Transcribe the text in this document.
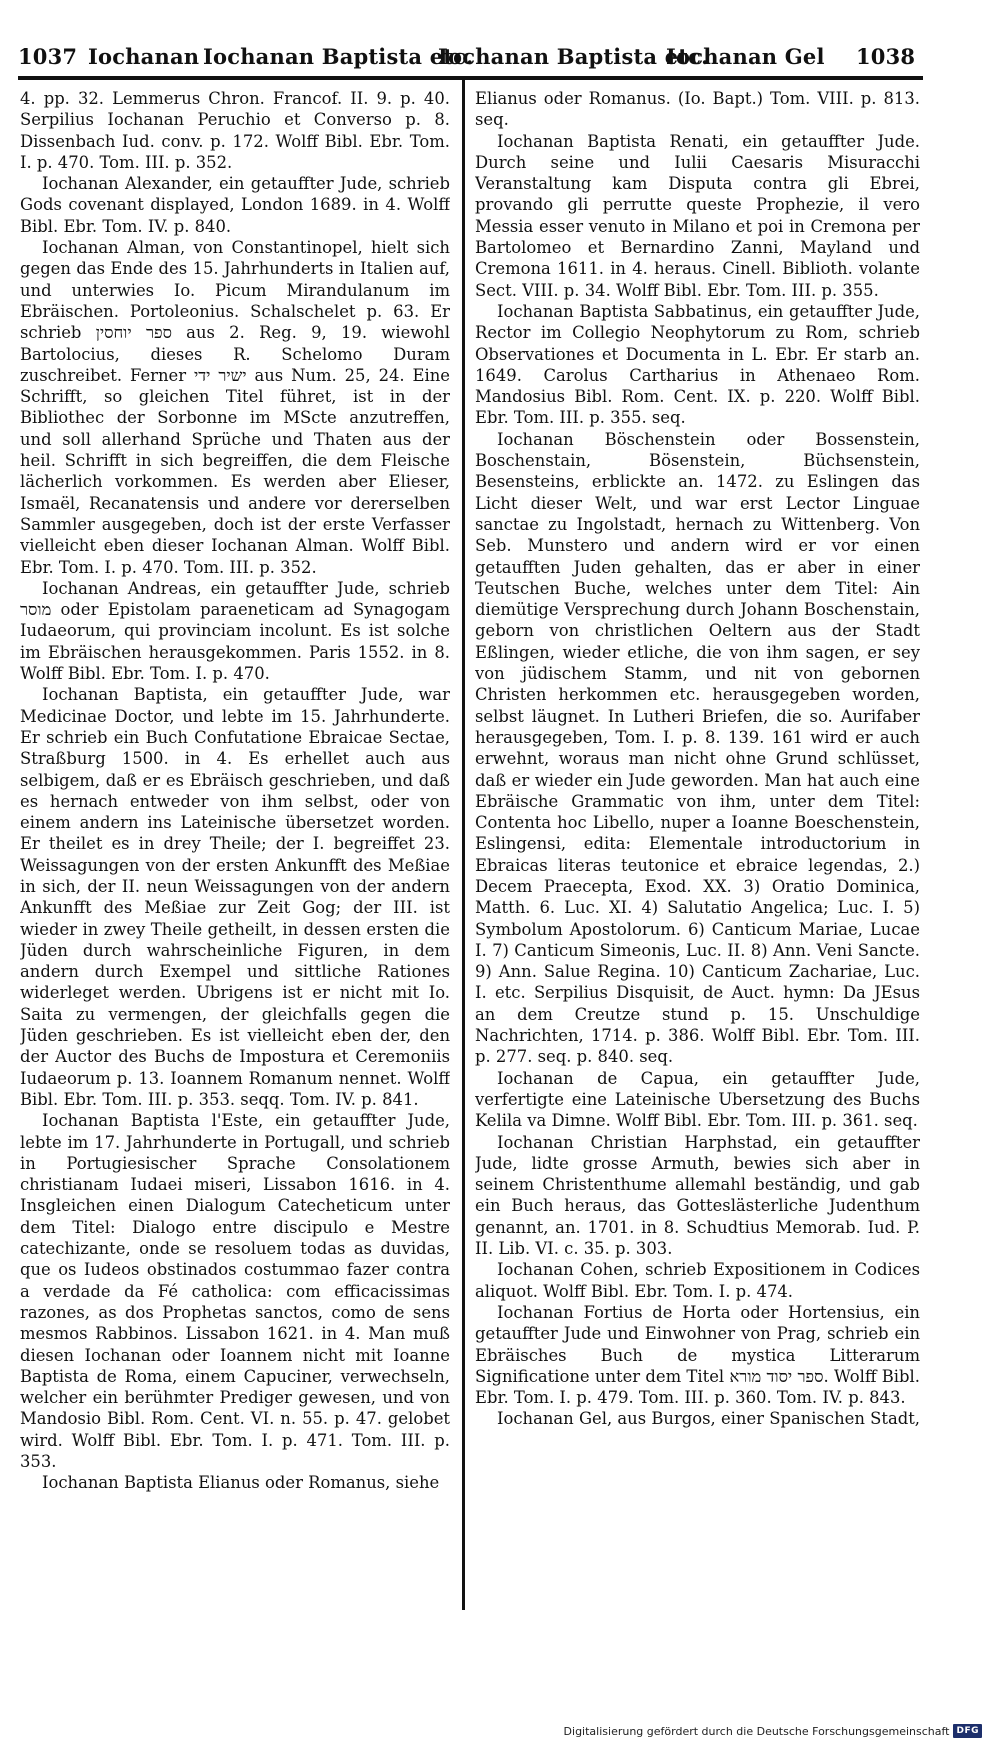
1037 Iochanan Iochanan Baptista etc.
Iochanan Baptista etc.
Iochanan Gel 1038

4. pp. 32. Lemmerus Chron. Francof. II. 9. p. 40. Serpilius Iochanan Peruchio et Converso p. 8. Dissenbach Iud. conv. p. 172. Wolff Bibl. Ebr. Tom. I. p. 470. Tom. III. p. 352.

Iochanan Alexander, ein getauffter Jude, schrieb Gods covenant displayed, London 1689. in 4. Wolff Bibl. Ebr. Tom. IV. p. 840.

Iochanan Alman, von Constantinopel, hielt sich gegen das Ende des 15. Jahrhunderts in Italien auf, und unterwies Io. Picum Mirandulanum im Ebräischen. Portoleonius. Schalschelet p. 63. Er schrieb ספר יוחסין aus 2. Reg. 9, 19. wiewohl Bartolocius, dieses R. Schelomo Duram zuschreibet. Ferner ישיר ידי aus Num. 25, 24. Eine Schrifft, so gleichen Titel führet, ist in der Bibliothec der Sorbonne im MScte anzutreffen, und soll allerhand Sprüche und Thaten aus der heil. Schrifft in sich begreiffen, die dem Fleische lächerlich vorkommen. Es werden aber Elieser, Ismaël, Recanatensis und andere vor dererselben Sammler ausgegeben, doch ist der erste Verfasser vielleicht eben dieser Iochanan Alman. Wolff Bibl. Ebr. Tom. I. p. 470. Tom. III. p. 352.

Iochanan Andreas, ein getauffter Jude, schrieb מוסר oder Epistolam paraeneticam ad Synagogam Iudaeorum, qui provinciam incolunt. Es ist solche im Ebräischen herausgekommen. Paris 1552. in 8. Wolff Bibl. Ebr. Tom. I. p. 470.

Iochanan Baptista, ein getauffter Jude, war Medicinae Doctor, und lebte im 15. Jahrhunderte. Er schrieb ein Buch Confutatione Ebraicae Sectae, Straßburg 1500. in 4. Es erhellet auch aus selbigem, daß er es Ebräisch geschrieben, und daß es hernach entweder von ihm selbst, oder von einem andern ins Lateinische übersetzet worden. Er theilet es in drey Theile; der I. begreiffet 23. Weissagungen von der ersten Ankunfft des Meßiae in sich, der II. neun Weissagungen von der andern Ankunfft des Meßiae zur Zeit Gog; der III. ist wieder in zwey Theile getheilt, in dessen ersten die Jüden durch wahrscheinliche Figuren, in dem andern durch Exempel und sittliche Rationes widerleget werden. Ubrigens ist er nicht mit Io. Saita zu vermengen, der gleichfalls gegen die Jüden geschrieben. Es ist vielleicht eben der, den der Auctor des Buchs de Impostura et Ceremoniis Iudaeorum p. 13. Ioannem Romanum nennet. Wolff Bibl. Ebr. Tom. III. p. 353. seqq. Tom. IV. p. 841.

Iochanan Baptista l'Este, ein getauffter Jude, lebte im 17. Jahrhunderte in Portugall, und schrieb in Portugiesischer Sprache Consolationem christianam Iudaei miseri, Lissabon 1616. in 4. Insgleichen einen Dialogum Catecheticum unter dem Titel: Dialogo entre discipulo e Mestre catechizante, onde se resoluem todas as duvidas, que os Iudeos obstinados costummao fazer contra a verdade da Fé catholica: com efficacissimas razones, as dos Prophetas sanctos, como de sens mesmos Rabbinos. Lissabon 1621. in 4. Man muß diesen Iochanan oder Ioannem nicht mit Ioanne Baptista de Roma, einem Capuciner, verwechseln, welcher ein berühmter Prediger gewesen, und von Mandosio Bibl. Rom. Cent. VI. n. 55. p. 47. gelobet wird. Wolff Bibl. Ebr. Tom. I. p. 471. Tom. III. p. 353.

Iochanan Baptista Elianus oder Romanus, siehe

Elianus oder Romanus. (Io. Bapt.) Tom. VIII. p. 813. seq.

Iochanan Baptista Renati, ein getauffter Jude. Durch seine und Iulii Caesaris Misuracchi Veranstaltung kam Disputa contra gli Ebrei, provando gli perrutte queste Prophezie, il vero Messia esser venuto in Milano et poi in Cremona per Bartolomeo et Bernardino Zanni, Mayland und Cremona 1611. in 4. heraus. Cinell. Biblioth. volante Sect. VIII. p. 34. Wolff Bibl. Ebr. Tom. III. p. 355.

Iochanan Baptista Sabbatinus, ein getauffter Jude, Rector im Collegio Neophytorum zu Rom, schrieb Observationes et Documenta in L. Ebr. Er starb an. 1649. Carolus Cartharius in Athenaeo Rom. Mandosius Bibl. Rom. Cent. IX. p. 220. Wolff Bibl. Ebr. Tom. III. p. 355. seq.

Iochanan Böschenstein oder Bossenstein, Boschenstain, Bösenstein, Büchsenstein, Besensteins, erblickte an. 1472. zu Eslingen das Licht dieser Welt, und war erst Lector Linguae sanctae zu Ingolstadt, hernach zu Wittenberg. Von Seb. Munstero und andern wird er vor einen getaufften Juden gehalten, das er aber in einer Teutschen Buche, welches unter dem Titel: Ain diemütige Versprechung durch Johann Boschenstain, geborn von christlichen Oeltern aus der Stadt Eßlingen, wieder etliche, die von ihm sagen, er sey von jüdischem Stamm, und nit von gebornen Christen herkommen etc. herausgegeben worden, selbst läugnet. In Lutheri Briefen, die so. Aurifaber herausgegeben, Tom. I. p. 8. 139. 161 wird er auch erwehnt, woraus man nicht ohne Grund schlüsset, daß er wieder ein Jude geworden. Man hat auch eine Ebräische Grammatic von ihm, unter dem Titel: Contenta hoc Libello, nuper a Ioanne Boeschenstein, Eslingensi, edita: Elementale introductorium in Ebraicas literas teutonice et ebraice legendas, 2.) Decem Praecepta, Exod. XX. 3) Oratio Dominica, Matth. 6. Luc. XI. 4) Salutatio Angelica; Luc. I. 5) Symbolum Apostolorum. 6) Canticum Mariae, Lucae I. 7) Canticum Simeonis, Luc. II. 8) Ann. Veni Sancte. 9) Ann. Salue Regina. 10) Canticum Zachariae, Luc. I. etc. Serpilius Disquisit, de Auct. hymn: Da JEsus an dem Creutze stund p. 15. Unschuldige Nachrichten, 1714. p. 386. Wolff Bibl. Ebr. Tom. III. p. 277. seq. p. 840. seq.

Iochanan de Capua, ein getauffter Jude, verfertigte eine Lateinische Ubersetzung des Buchs Kelila va Dimne. Wolff Bibl. Ebr. Tom. III. p. 361. seq.

Iochanan Christian Harphstad, ein getauffter Jude, lidte grosse Armuth, bewies sich aber in seinem Christenthume allemahl beständig, und gab ein Buch heraus, das Gotteslästerliche Judenthum genannt, an. 1701. in 8. Schudtius Memorab. Iud. P. II. Lib. VI. c. 35. p. 303.

Iochanan Cohen, schrieb Expositionem in Codices aliquot. Wolff Bibl. Ebr. Tom. I. p. 474.

Iochanan Fortius de Horta oder Hortensius, ein getauffter Jude und Einwohner von Prag, schrieb ein Ebräisches Buch de mystica Litterarum Significatione unter dem Titel ספר יסוד מורא. Wolff Bibl. Ebr. Tom. I. p. 479. Tom. III. p. 360. Tom. IV. p. 843.

Iochanan Gel, aus Burgos, einer Spanischen Stadt,

Digitalisierung gefördert durch die Deutsche Forschungsgemeinschaft DFG
